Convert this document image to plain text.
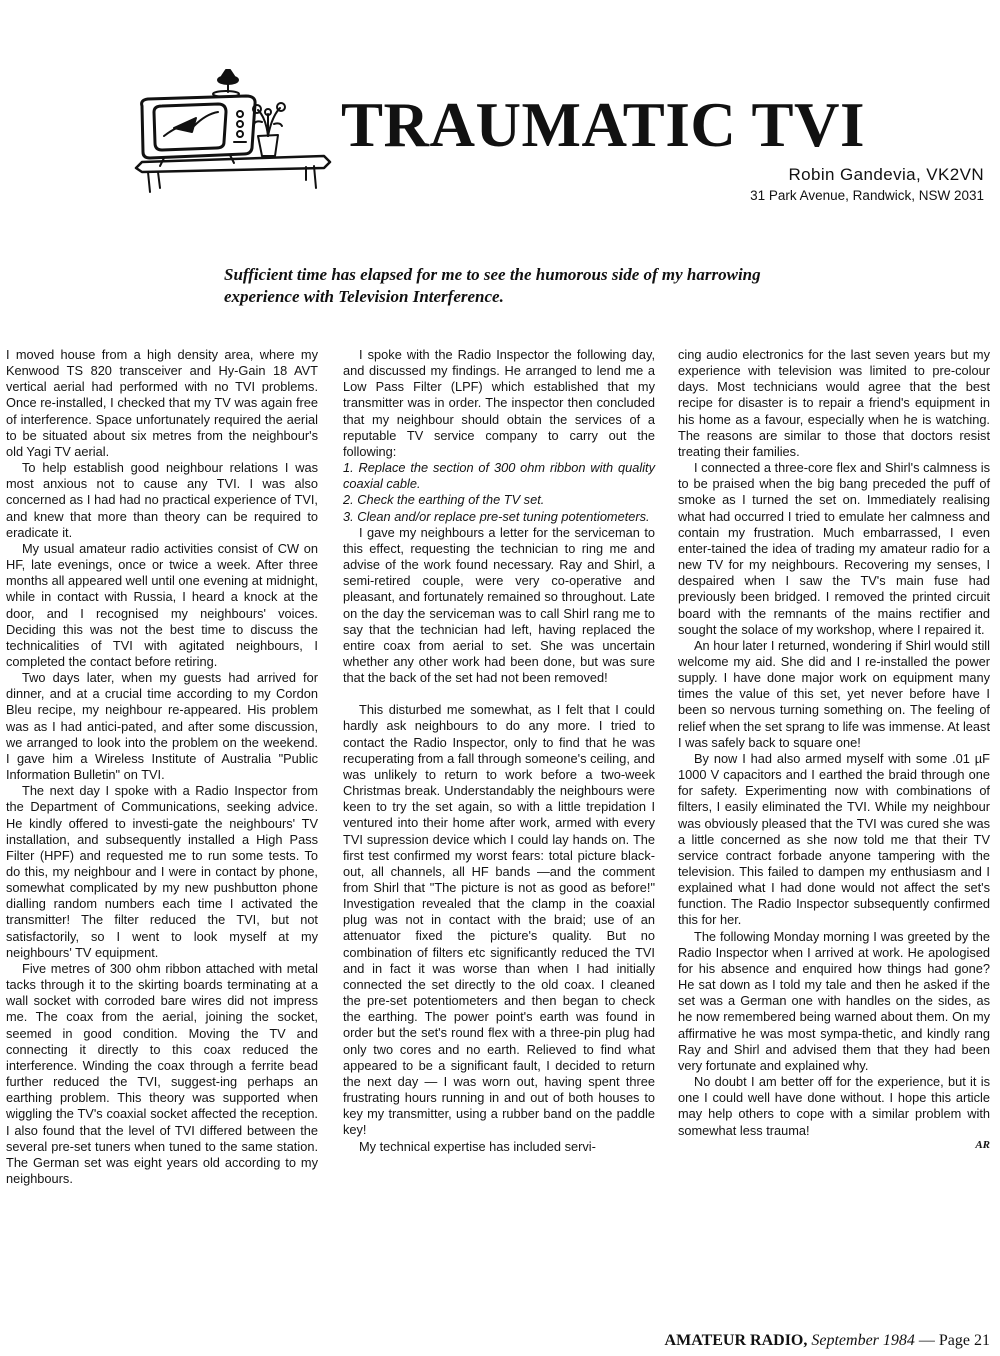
TRAUMATIC TVI
Robin Gandevia, VK2VN
31 Park Avenue, Randwick, NSW 2031

Sufficient time has elapsed for me to see the humorous side of my harrowing experience with Television Interference.

I moved house from a high density area, where my Kenwood TS 820 transceiver and Hy-Gain 18 AVT vertical aerial had performed with no TVI problems. Once re-installed, I checked that my TV was again free of interference. Space unfortunately required the aerial to be situated about six metres from the neighbour's old Yagi TV aerial.

To help establish good neighbour relations I was most anxious not to cause any TVI. I was also concerned as I had had no practical experience of TVI, and knew that more than theory can be required to eradicate it.

My usual amateur radio activities consist of CW on HF, late evenings, once or twice a week. After three months all appeared well until one evening at midnight, while in contact with Russia, I heard a knock at the door, and I recognised my neighbours' voices. Deciding this was not the best time to discuss the technicalities of TVI with agitated neighbours, I completed the contact before retiring.

Two days later, when my guests had arrived for dinner, and at a crucial time according to my Cordon Bleu recipe, my neighbour re-appeared. His problem was as I had antici-pated, and after some discussion, we arranged to look into the problem on the weekend. I gave him a Wireless Institute of Australia "Public Information Bulletin" on TVI.

The next day I spoke with a Radio Inspector from the Department of Communications, seeking advice. He kindly offered to investi-gate the neighbours' TV installation, and subsequently installed a High Pass Filter (HPF) and requested me to run some tests. To do this, my neighbour and I were in contact by phone, somewhat complicated by my new pushbutton phone dialling random numbers each time I activated the transmitter! The filter reduced the TVI, but not satisfactorily, so I went to look myself at my neighbours' TV equipment.

Five metres of 300 ohm ribbon attached with metal tacks through it to the skirting boards terminating at a wall socket with corroded bare wires did not impress me. The coax from the aerial, joining the socket, seemed in good condition. Moving the TV and connecting it directly to this coax reduced the interference. Winding the coax through a ferrite bead further reduced the TVI, suggest-ing perhaps an earthing problem. This theory was supported when wiggling the TV's coaxial socket affected the reception. I also found that the level of TVI differed between the several pre-set tuners when tuned to the same station. The German set was eight years old according to my neighbours.

I spoke with the Radio Inspector the following day, and discussed my findings. He arranged to lend me a Low Pass Filter (LPF) which established that my transmitter was in order. The inspector then concluded that my neighbour should obtain the services of a reputable TV service company to carry out the following:

1. Replace the section of 300 ohm ribbon with quality coaxial cable.

2. Check the earthing of the TV set.

3. Clean and/or replace pre-set tuning potentiometers.

I gave my neighbours a letter for the serviceman to this effect, requesting the technician to ring me and advise of the work found necessary. Ray and Shirl, a semi-retired couple, were very co-operative and pleasant, and fortunately remained so throughout. Late on the day the serviceman was to call Shirl rang me to say that the technician had left, having replaced the entire coax from aerial to set. She was uncertain whether any other work had been done, but was sure that the back of the set had not been removed!

This disturbed me somewhat, as I felt that I could hardly ask neighbours to do any more. I tried to contact the Radio Inspector, only to find that he was recuperating from a fall through someone's ceiling, and was unlikely to return to work before a two-week Christmas break. Understandably the neighbours were keen to try the set again, so with a little trepidation I ventured into their home after work, armed with every TVI supression device which I could lay hands on. The first test confirmed my worst fears: total picture black-out, all channels, all HF bands —and the comment from Shirl that "The picture is not as good as before!" Investigation revealed that the clamp in the coaxial plug was not in contact with the braid; use of an attenuator fixed the picture's quality. But no combination of filters etc significantly reduced the TVI and in fact it was worse than when I had initially connected the set directly to the old coax. I cleaned the pre-set potentiometers and then began to check the earthing. The power point's earth was found in order but the set's round flex with a three-pin plug had only two cores and no earth. Relieved to find what appeared to be a significant fault, I decided to return the next day — I was worn out, having spent three frustrating hours running in and out of both houses to key my transmitter, using a rubber band on the paddle key!

My technical expertise has included servi-

cing audio electronics for the last seven years but my experience with television was limited to pre-colour days. Most technicians would agree that the best recipe for disaster is to repair a friend's equipment in his home as a favour, especially when he is watching. The reasons are similar to those that doctors resist treating their families.

I connected a three-core flex and Shirl's calmness is to be praised when the big bang preceded the puff of smoke as I turned the set on. Immediately realising what had occurred I tried to emulate her calmness and contain my frustration. Much embarrassed, I even enter-tained the idea of trading my amateur radio for a new TV for my neighbours. Recovering my senses, I despaired when I saw the TV's main fuse had previously been bridged. I removed the printed circuit board with the remnants of the mains rectifier and sought the solace of my workshop, where I repaired it.

An hour later I returned, wondering if Shirl would still welcome my aid. She did and I re-installed the power supply. I have done major work on equipment many times the value of this set, yet never before have I been so nervous turning something on. The feeling of relief when the set sprang to life was immense. At least I was safely back to square one!

By now I had also armed myself with some .01 µF 1000 V capacitors and I earthed the braid through one for safety. Experimenting now with combinations of filters, I easily eliminated the TVI. While my neighbour was obviously pleased that the TVI was cured she was a little concerned as she now told me that their TV service contract forbade anyone tampering with the television. This failed to dampen my enthusiasm and I explained what I had done would not affect the set's function. The Radio Inspector subsequently confirmed this for her.

The following Monday morning I was greeted by the Radio Inspector when I arrived at work. He apologised for his absence and enquired how things had gone? He sat down as I told my tale and then he asked if the set was a German one with handles on the sides, as he now remembered being warned about them. On my affirmative he was most sympa-thetic, and kindly rang Ray and Shirl and advised them that they had been very fortunate and explained why.

No doubt I am better off for the experience, but it is one I could well have done without. I hope this article may help others to cope with a similar problem with somewhat less trauma!

AR
AMATEUR RADIO, September 1984 — Page 21
